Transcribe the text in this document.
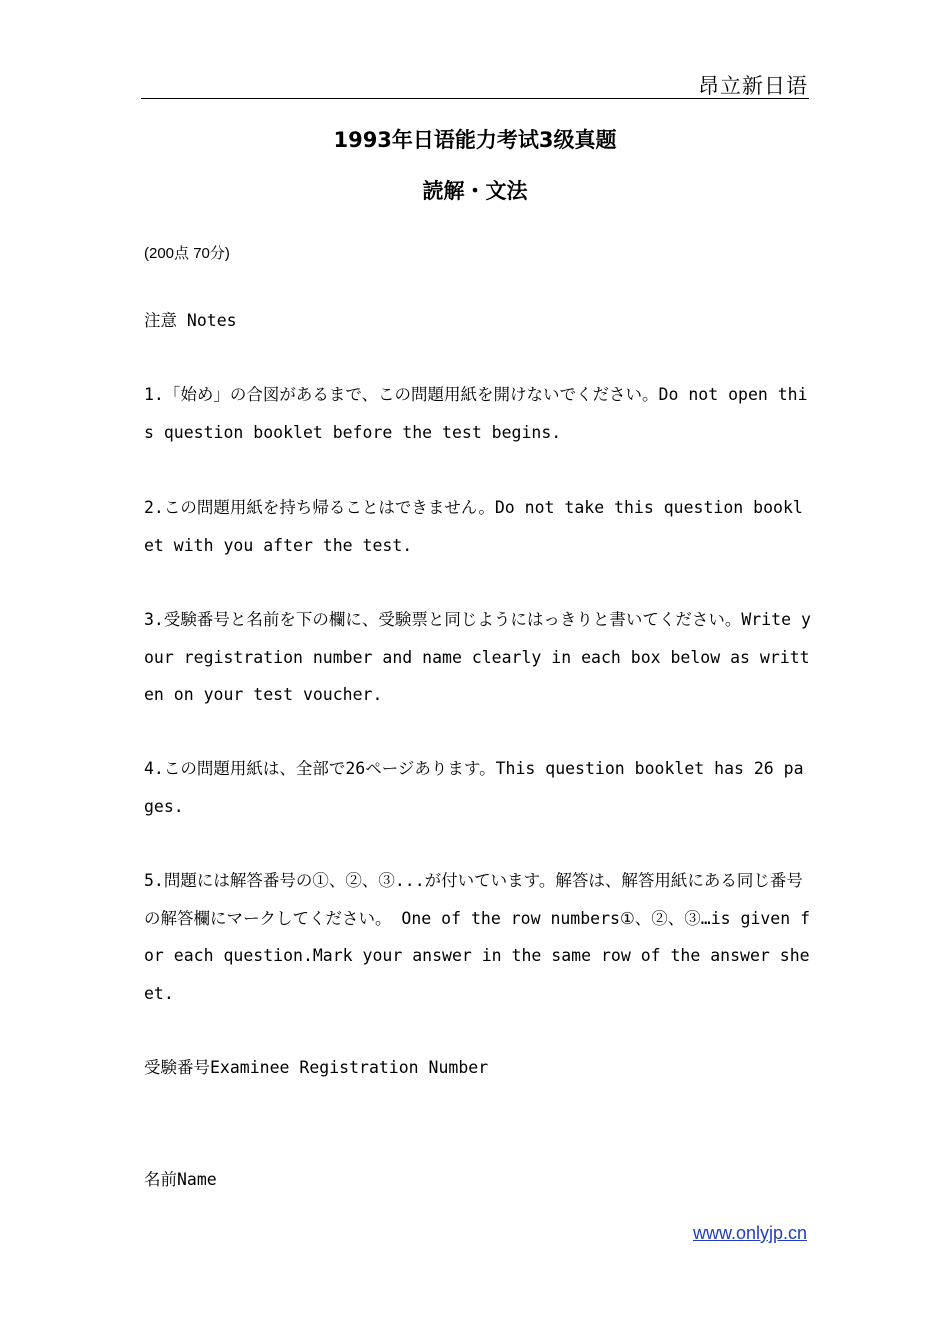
昂立新日语
1993年日语能力考试3级真题
読解・文法
(200点 70分)
注意 Notes
1.「始め」の合図があるまで、この問題用紙を開けないでください。Do not open this question booklet before the test begins.
2.この問題用紙を持ち帰ることはできません。Do not take this question booklet with you after the test.
3.受験番号と名前を下の欄に、受験票と同じようにはっきりと書いてください。Write your registration number and name clearly in each box below as written on your test voucher.
4.この問題用紙は、全部で26ページあります。This question booklet has 26 pages.
5.問題には解答番号の①、②、③...が付いています。解答は、解答用紙にある同じ番号の解答欄にマークしてください。 One of the row numbers①、②、③…is given for each question.Mark your answer in the same row of the answer sheet.
受験番号Examinee Registration Number
名前Name
www.onlyjp.cn
